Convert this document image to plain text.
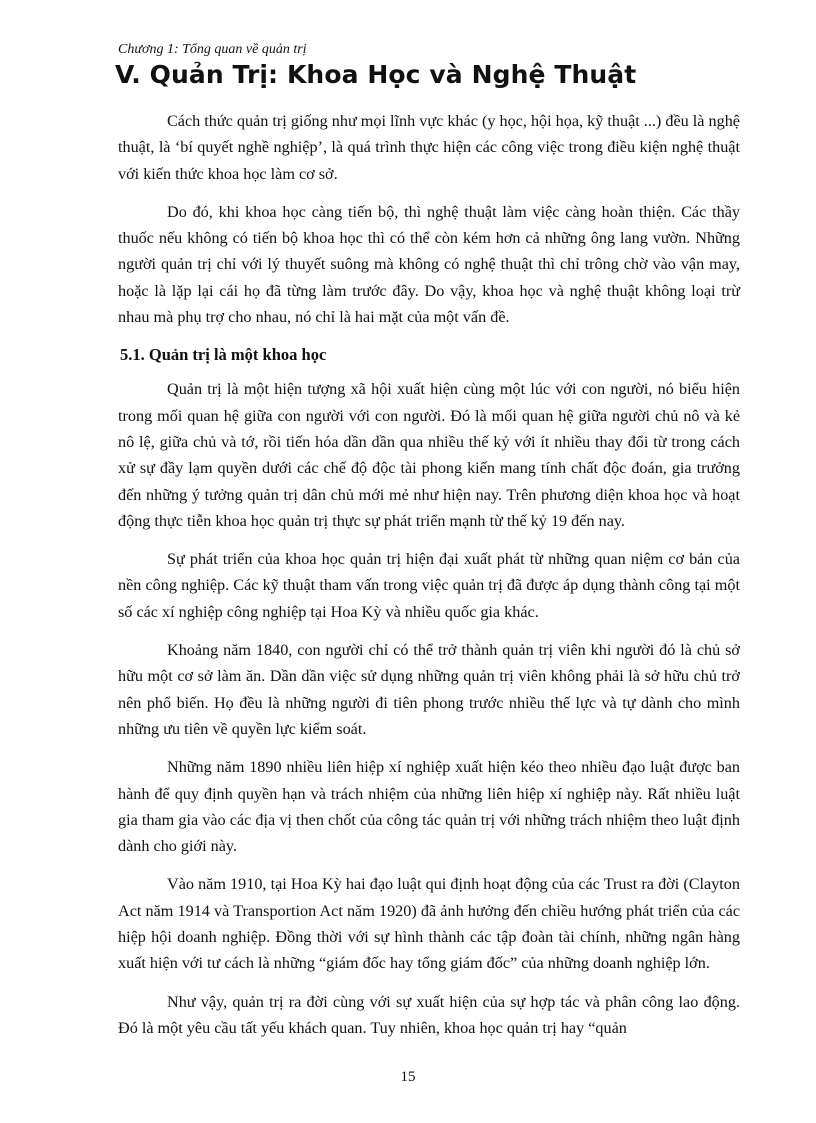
Chương 1: Tổng quan về quản trị
V. Quản Trị: Khoa Học và Nghệ Thuật

Cách thức quản trị giống như mọi lĩnh vực khác (y học, hội họa, kỹ thuật ...) đều là nghệ thuật, là ‘bí quyết nghề nghiệp’, là quá trình thực hiện các công việc trong điều kiện nghệ thuật với kiến thức khoa học làm cơ sở.

Do đó, khi khoa học càng tiến bộ, thì nghệ thuật làm việc càng hoàn thiện. Các thầy thuốc nếu không có tiến bộ khoa học thì có thể còn kém hơn cả những ông lang vườn. Những người quản trị chỉ với lý thuyết suông mà không có nghệ thuật thì chỉ trông chờ vào vận may, hoặc là lặp lại cái họ đã từng làm trước đây. Do vậy, khoa học và nghệ thuật không loại trừ nhau mà phụ trợ cho nhau, nó chỉ là hai mặt của một vấn đề.

5.1. Quản trị là một khoa học

Quản trị là một hiện tượng xã hội xuất hiện cùng một lúc với con người, nó biểu hiện trong mối quan hệ giữa con người với con người. Đó là mối quan hệ giữa người chủ nô và kẻ nô lệ, giữa chủ và tớ, rồi tiến hóa dần dần qua nhiều thế kỷ với ít nhiều thay đổi từ trong cách xử sự đầy lạm quyền dưới các chế độ độc tài phong kiến mang tính chất độc đoán, gia trưởng đến những ý tưởng quản trị dân chủ mới mẻ như hiện nay. Trên phương diện khoa học và hoạt động thực tiễn khoa học quản trị thực sự phát triển mạnh từ thế kỷ 19 đến nay.

Sự phát triển của khoa học quản trị hiện đại xuất phát từ những quan niệm cơ bản của nền công nghiệp. Các kỹ thuật tham vấn trong việc quản trị đã được áp dụng thành công tại một số các xí nghiệp công nghiệp tại Hoa Kỳ và nhiều quốc gia khác.

Khoảng năm 1840, con người chỉ có thể trở thành quản trị viên khi người đó là chủ sở hữu một cơ sở làm ăn. Dần dần việc sử dụng những quản trị viên không phải là sở hữu chủ trở nên phổ biến. Họ đều là những người đi tiên phong trước nhiều thế lực và tự dành cho mình những ưu tiên về quyền lực kiểm soát.

Những năm 1890 nhiều liên hiệp xí nghiệp xuất hiện kéo theo nhiều đạo luật được ban hành để quy định quyền hạn và trách nhiệm của những liên hiệp xí nghiệp này. Rất nhiều luật gia tham gia vào các địa vị then chốt của công tác quản trị với những trách nhiệm theo luật định dành cho giới này.

Vào năm 1910, tại Hoa Kỳ hai đạo luật qui định hoạt động của các Trust ra đời (Clayton Act năm 1914 và Transportion Act năm 1920) đã ảnh hưởng đến chiều hướng phát triển của các hiệp hội doanh nghiệp. Đồng thời với sự hình thành các tập đoàn tài chính, những ngân hàng xuất hiện với tư cách là những “giám đốc hay tổng giám đốc” của những doanh nghiệp lớn.

Như vậy, quản trị ra đời cùng với sự xuất hiện của sự hợp tác và phân công lao động. Đó là một yêu cầu tất yếu khách quan. Tuy nhiên, khoa học quản trị hay “quản

15
